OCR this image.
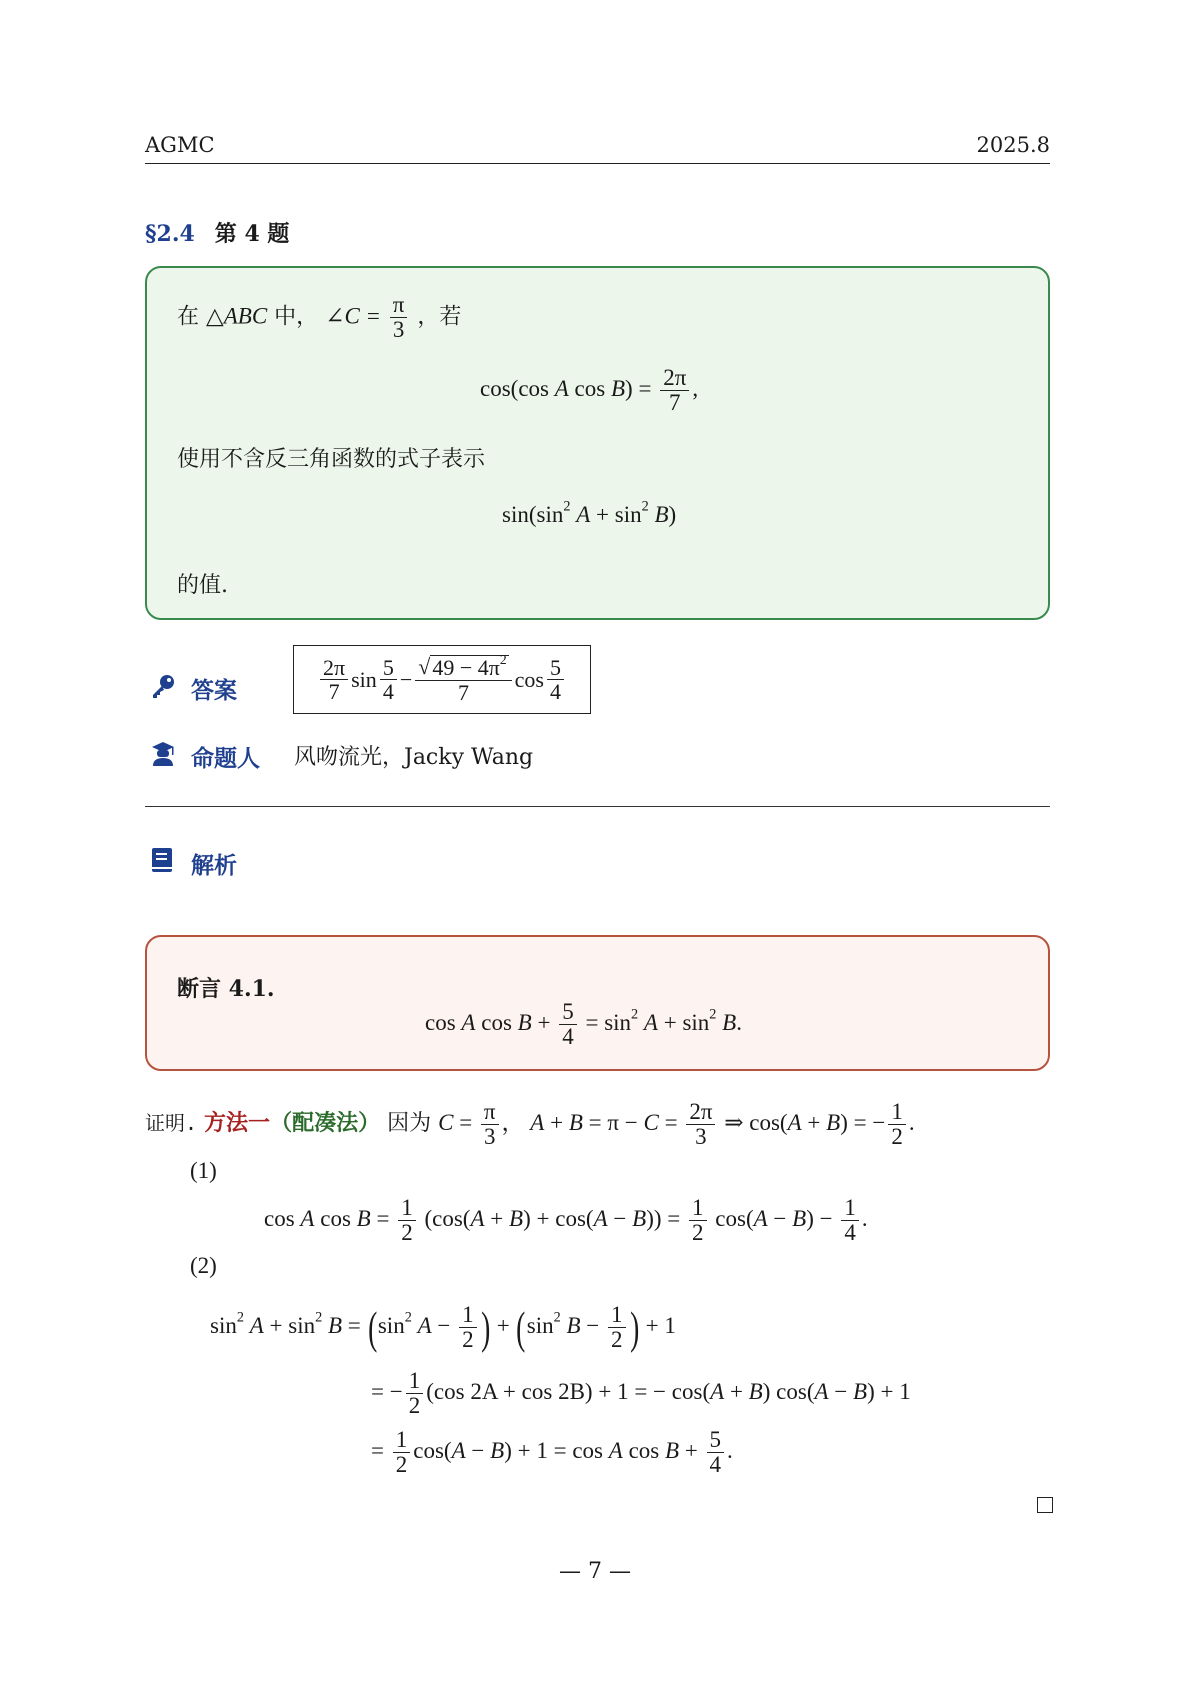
AGMC	2025.8
§2.4 第 4 题
在 △ABC 中， ∠C = $\frac{\pi}{3}$ ，若
cos(cos A $\cos B) = \frac{2\pi}{7}$ ,
使用不含反三角函数的式子表示
$\sin(\sin^2$ $A + \sin^2 B$)
的值.
答案	$\frac{2\pi}{7}$ $\sin \frac{5}{4} - \frac{√ 49 - 4\pi^2}{7}$ $\cos \frac{5}{4}$
命题人 风吻流光，Jacky Wang
解析
断言 4.1.
cos A $\cos B + \frac{5}{4} = \sin^2 A + \sin^2 B$.
证明. 方法一（配凑法） 因为 $C = \frac{\pi}{3}$ ， $A + B = \pi - C = \frac{2\pi}{3}$ ⇒ cos(A + B) = − $\frac{1}{2}$ .
(1)
cos A $\cos B = \frac{1}{2} (\cos(A + B) + \cos(A - B)) = \frac{1}{2} \cos(A - B) - \frac{1}{4}$ .
(2)
$\sin^2 A + \sin^2 B = (\sin^2$ $A - \frac{1}{2}$ ) + ($\sin^2$ $B - \frac{1}{2}$ ) + 1
= − $\frac{1}{2} (\cos$ 2A + cos 2B) + 1 = − cos(A + B) cos(A − B) + 1
= $\frac{1}{2} \cos(A - B) + 1 = \cos A$ $\cos B + \frac{5}{4}$ .
— 7 —
